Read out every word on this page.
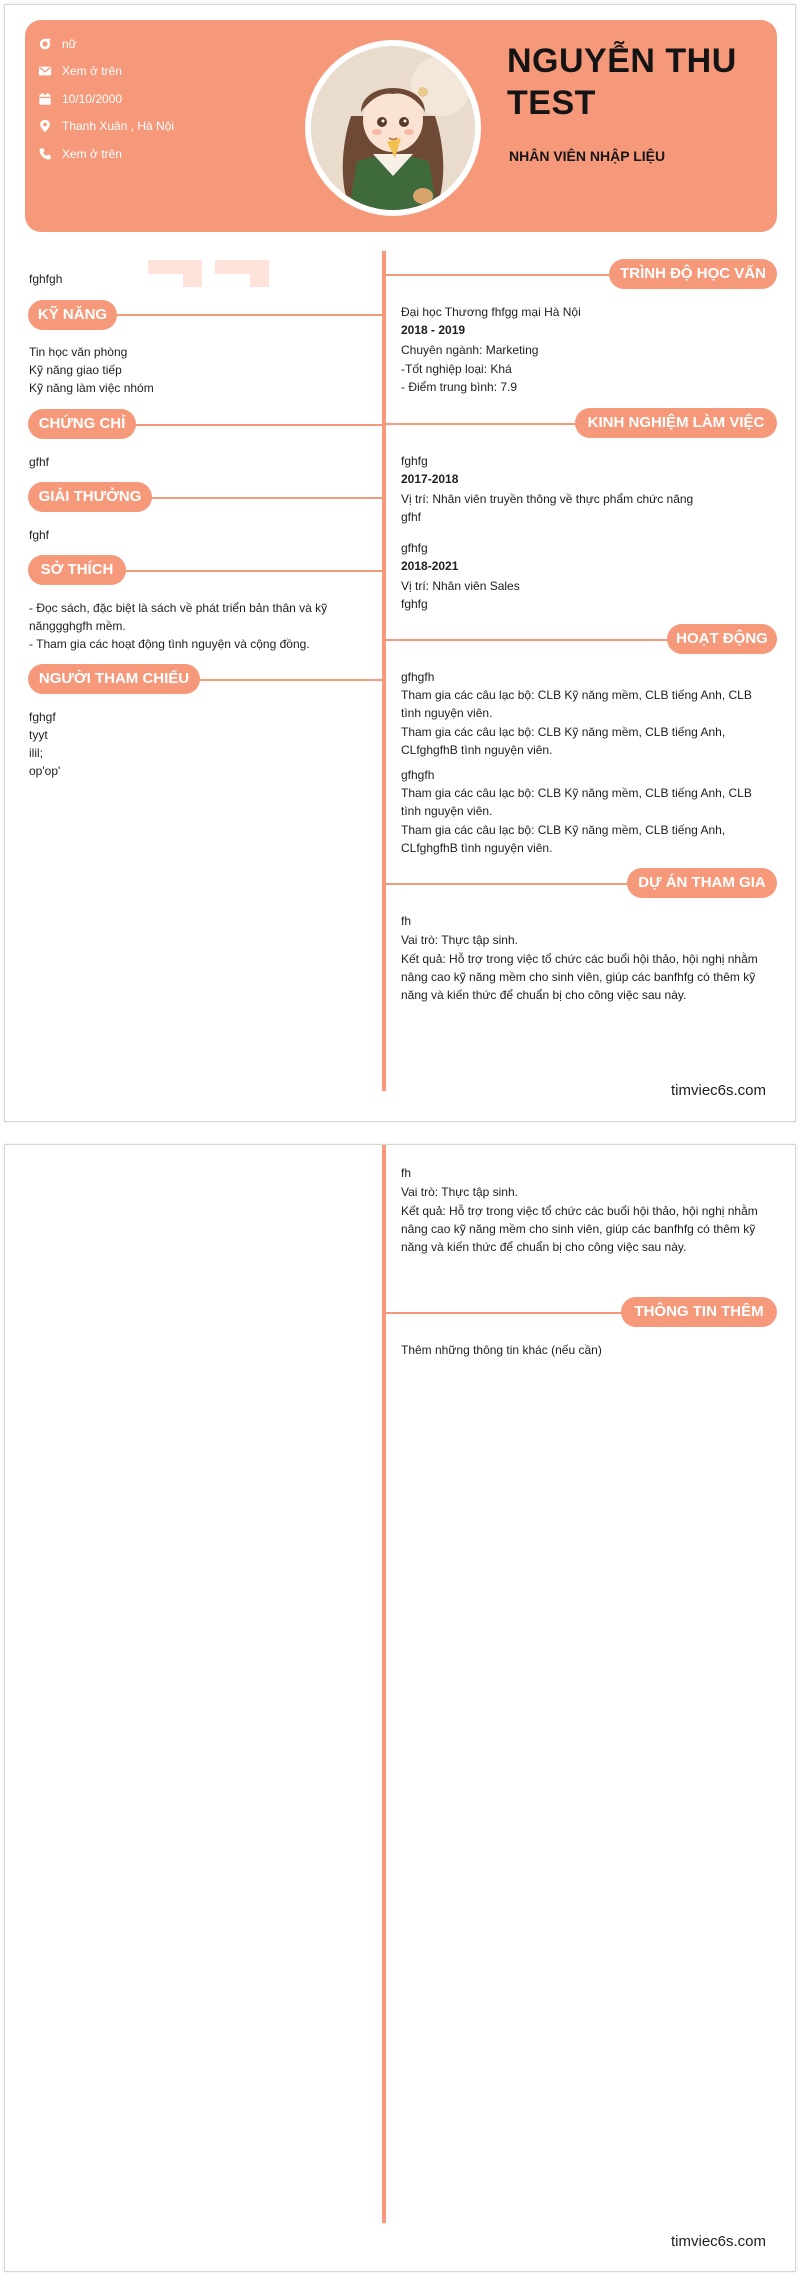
nữ
Xem ở trên
10/10/2000
Thanh Xuân , Hà Nội
Xem ở trên
NGUYỄN THU
TEST
NHÂN VIÊN NHẬP LIỆU
fghfgh
KỸ NĂNG
Tin học văn phòng
Kỹ năng giao tiếp
Kỹ năng làm việc nhóm
CHỨNG CHỈ
gfhf
GIẢI THƯỞNG
fghf
SỞ THÍCH
- Đọc sách, đặc biệt là sách về phát triển bản thân và kỹ nănggghgfh mềm.
- Tham gia các hoạt động tình nguyện và cộng đồng.
NGƯỜI THAM CHIẾU
fghgf
tyyt
ilil;
op'op'
TRÌNH ĐỘ HỌC VẤN
Đại học Thương fhfgg mại Hà Nội
2018 - 2019
Chuyên ngành: Marketing
-Tốt nghiệp loại: Khá
- Điểm trung bình: 7.9
KINH NGHIỆM LÀM VIỆC
fghfg
2017-2018
Vị trí: Nhân viên truyền thông về thực phẩm chức năng
gfhf
gfhfg
2018-2021
Vị trí: Nhân viên Sales
fghfg
HOẠT ĐỘNG
gfhgfh
Tham gia các câu lạc bộ: CLB Kỹ năng mềm, CLB tiếng Anh, CLB tình nguyện viên.
Tham gia các câu lạc bộ: CLB Kỹ năng mềm, CLB tiếng Anh, CLfghgfhB tình nguyện viên.
gfhgfh
Tham gia các câu lạc bộ: CLB Kỹ năng mềm, CLB tiếng Anh, CLB tình nguyện viên.
Tham gia các câu lạc bộ: CLB Kỹ năng mềm, CLB tiếng Anh, CLfghgfhB tình nguyện viên.
DỰ ÁN THAM GIA
fh
Vai trò: Thực tập sinh.
Kết quả: Hỗ trợ trong việc tổ chức các buổi hội thảo, hội nghị nhằm nâng cao kỹ năng mềm cho sinh viên, giúp các banfhfg có thêm kỹ năng và kiến thức để chuẩn bị cho công việc sau này.
timviec6s.com
fh
Vai trò: Thực tập sinh.
Kết quả: Hỗ trợ trong việc tổ chức các buổi hội thảo, hội nghị nhằm nâng cao kỹ năng mềm cho sinh viên, giúp các banfhfg có thêm kỹ năng và kiến thức để chuẩn bị cho công việc sau này.
THÔNG TIN THÊM
Thêm những thông tin khác (nếu cần)
timviec6s.com
